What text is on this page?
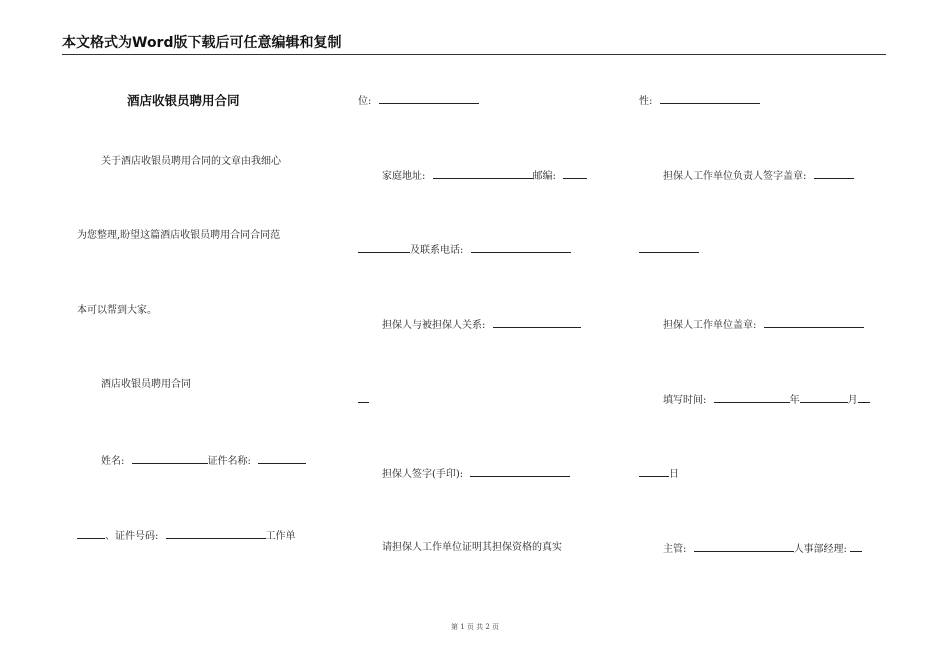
本文格式为Word版下载后可任意编辑和复制
酒店收银员聘用合同
关于酒店收银员聘用合同的文章由我细心
为您整理,盼望这篇酒店收银员聘用合同合同范
本可以帮到大家。
酒店收银员聘用合同
姓名:	证件名称:
、证件号码:	工作单
位:
家庭地址:	邮编:
及联系电话:
担保人与被担保人关系:
担保人签字(手印):
请担保人工作单位证明其担保资格的真实
性:
担保人工作单位负责人签字盖章:
担保人工作单位盖章:
填写时间:	年	月
日
主管:	人事部经理:
第 1 页 共 2 页
